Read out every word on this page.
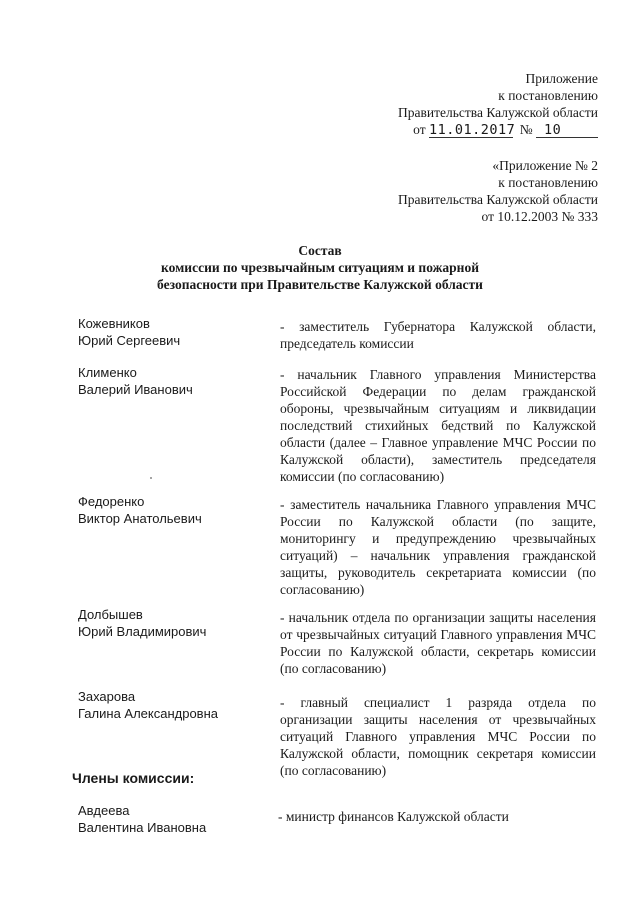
Приложение
к постановлению
Правительства Калужской области
от 11.01.2017 № 10
«Приложение № 2
к постановлению
Правительства Калужской области
от 10.12.2003 № 333
Состав
комиссии по чрезвычайным ситуациям и пожарной
безопасности при Правительстве Калужской области
Кожевников
Юрий Сергеевич
- заместитель Губернатора Калужской области, председатель комиссии
Клименко
Валерий Иванович
- начальник Главного управления Министерства Российской Федерации по делам гражданской обороны, чрезвычайным ситуациям и ликвидации последствий стихийных бедствий по Калужской области (далее – Главное управление МЧС России по Калужской области), заместитель председателя комиссии (по согласованию)
Федоренко
Виктор Анатольевич
- заместитель начальника Главного управления МЧС России по Калужской области (по защите, мониторингу и предупреждению чрезвычайных ситуаций) – начальник управления гражданской защиты, руководитель секретариата комиссии (по согласованию)
Долбышев
Юрий Владимирович
- начальник отдела по организации защиты населения от чрезвычайных ситуаций Главного управления МЧС России по Калужской области, секретарь комиссии (по согласованию)
Захарова
Галина Александровна
- главный специалист 1 разряда отдела по организации защиты населения от чрезвычайных ситуаций Главного управления МЧС России по Калужской области, помощник секретаря комиссии (по согласованию)
Члены комиссии:
Авдеева
Валентина Ивановна
- министр финансов Калужской области
